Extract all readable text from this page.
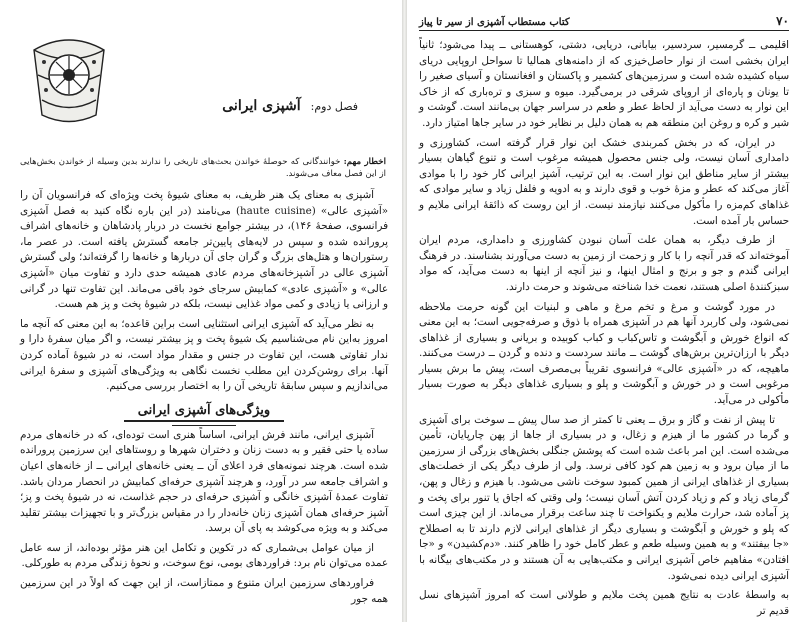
فصل دوم:
آشپزی ایرانی
اخطار مهم: خوانندگانی که حوصلهٔ خواندن بحث‌های تاریخی را ندارند بدین وسیله از خواندن بخش‌هایی از این فصل معاف می‌شوند.

آشپزی به معنای یک هنر ظریف، به معنای شیوهٔ پخت ویژه‌ای که فرانسویان آن را «آشپزی عالی» (haute cuisine) می‌نامند (در این باره نگاه کنید به فصل آشپزی فرانسوی، صفحهٔ ۱۴۶)، در بیشتر جوامع نخست در دربار پادشاهان و خانه‌های اشراف پرورانده شده و سپس در لایه‌های پایین‌تر جامعه گسترش یافته است. در عصر ما، رستوران‌ها و هتل‌های بزرگ و گران جای آن دربارها و خانه‌ها را گرفته‌اند؛ ولی گسترش آشپزی عالی در آشپزخانه‌های مردم عادی همیشه حدی دارد و تفاوت میان «آشپزی عالی» و «آشپزی عادی» کمابیش سرجای خود باقی می‌ماند. این تفاوت تنها در گرانی و ارزانی یا زیادی و کمی مواد غذایی نیست، بلکه در شیوهٔ پخت و پز هم هست.

به نظر می‌آید که آشپزی ایرانی استثنایی است براین قاعده؛ به این معنی که آنچه ما امروز به‌این نام می‌شناسیم یک شیوهٔ پخت و پز بیشتر نیست، و اگر میان سفرهٔ دارا و ندار تفاوتی هست، این تفاوت در جنس و مقدار مواد است، نه در شیوهٔ آماده کردن آنها. برای روشن‌کردن این مطلب نخست نگاهی به ویژگی‌های آشپزی و سفرهٔ ایرانی می‌اندازیم و سپس سابقهٔ تاریخی آن را به اختصار بررسی می‌کنیم.

ویژگی‌های آشپزی ایرانی

آشپزی ایرانی، مانند فرش ایرانی، اساساً هنری است توده‌ای، که در خانه‌های مردم ساده یا حتی فقیر و به دست زنان و دختران شهرها و روستاهای این سرزمین پرورانده شده است. هرچند نمونه‌های فرد اعلای آن ــ یعنی خانه‌های ایرانی ــ از خانه‌های اعیان و اشراف جامعه سر در آورد، و هرچند آشپزی حرفه‌ای کمابیش در انحصار مردان باشد. تفاوت عمدهٔ آشپزی خانگی و آشپزی حرفه‌ای در حجم غذاست، نه در شیوهٔ پخت و پز؛ آشپز حرفه‌ای همان آشپزی زنان خانه‌دار را در مقیاس بزرگ‌تر و با تجهیزات بیشتر تقلید می‌کند و به ویژه می‌کوشد به پای آن برسد.

از میان عوامل بی‌شماری که در تکوین و تکامل این هنر مؤثر بوده‌اند، از سه عامل عمده می‌توان نام برد: فراوردهای بومی، نوع سوخت، و نحوهٔ زندگی مردم به طورکلی.

فراوردهای سرزمین ایران متنوع و ممتازاست، از این جهت که اولاً در این سرزمین همه جور

۷۰
کتاب مستطاب آشپزی از سیر تا پیاز

اقلیمی ــ گرمسیر، سردسیر، بیابانی، دریایی، دشتی، کوهستانی ــ پیدا می‌شود؛ ثانیاً ایران بخشی است از نوار حاصل‌خیزی که از دامنه‌های همالیا تا سواحل اروپایی دریای سیاه کشیده شده است و سرزمین‌های کشمیر و پاکستان و افغانستان و آسیای صغیر را تا یونان و پاره‌ای از اروپای شرقی در برمی‌گیرد. میوه و سبزی و تره‌باری که از خاک این نوار به دست می‌آید از لحاظ عطر و طعم در سراسر جهان بی‌مانند است. گوشت و شیر و کره و روغن این منطقه هم به همان دلیل بر نظایر خود در سایر جاها امتیاز دارد.

در ایران، که در بخش کمربندی خشک این نوار قرار گرفته است، کشاورزی و دامداری آسان نیست، ولی جنس محصول همیشه مرغوب است و تنوع گیاهان بسیار بیشتر از سایر مناطق این نوار است. به این ترتیب، آشپز ایرانی کار خود را با موادی آغاز می‌کند که عطر و مزهٔ خوب و قوی دارند و به ادویه و فلفل زیاد و سایر موادی که غذاهای کم‌مزه را مأکول می‌کنند نیازمند نیست. از این روست که ذائقهٔ ایرانی ملایم و حساس بار آمده است.

از طرف دیگر، به همان علت آسان نبودن کشاورزی و دامداری، مردم ایران آموخته‌اند که قدر آنچه را با کار و زحمت از زمین به دست می‌آورند بشناسند. در فرهنگ ایرانی گندم و جو و برنج و امثال اینها، و نیز آنچه از اینها به دست می‌آید، که مواد سبزکنندهٔ اصلی هستند، نعمت خدا شناخته می‌شوند و حرمت دارند.

در مورد گوشت و مرغ و تخم مرغ و ماهی و لبنیات این گونه حرمت ملاحظه نمی‌شود، ولی کاربرد آنها هم در آشپزی همراه با ذوق و صرفه‌جویی است؛ به این معنی که انواع خورش و آبگوشت و تاس‌کباب و کباب کوبیده و بریانی و بسیاری از غذاهای دیگر با ارزان‌ترین برش‌های گوشت ــ مانند سردست و دنده و گردن ــ درست می‌کنند. ماهیچه، که در «آشپزی عالی» فرانسوی تقریباً بی‌مصرف است، پیش ما برش بسیار مرغوبی است و در خورش و آبگوشت و پلو و بسیاری غذاهای دیگر به صورت بسیار مأکولی در می‌آید.

تا پیش از نفت و گاز و برق ــ یعنی تا کمتر از صد سال پیش ــ سوخت برای آشپزی و گرما در کشور ما از هیزم و زغال، و در بسیاری از جاها از پهن چارپایان، تأمین می‌شده است. این امر باعث شده است که پوشش جنگلی بخش‌های بزرگی از سرزمین ما از میان برود و به زمین هم کود کافی نرسد. ولی از طرف دیگر یکی از خصلت‌های بسیاری از غذاهای ایرانی از همین کمبود سوخت ناشی می‌شود. با هیزم و زغال و پهن، گرمای زیاد و کم و زیاد کردن آتش آسان نیست؛ ولی وقتی که اجاق یا تنور برای پخت و پز آماده شد، حرارت ملایم و یکنواخت تا چند ساعت برقرار می‌ماند. از این چیزی است که پلو و خورش و آبگوشت و بسیاری دیگر از غذاهای ایرانی لازم دارند تا به اصطلاح «جا بیفتند» و به همین وسیله طعم و عطر کامل خود را ظاهر کنند. «دم‌کشیدن» و «جا افتادن» مفاهیم خاص آشپزی ایرانی و مکتب‌هایی به آن هستند و در مکتب‌های بیگانه با آشپزی ایرانی دیده نمی‌شود.

به واسطهٔ عادت به نتایج همین پخت ملایم و طولانی است که امروز آشپزهای نسل قدیم تر
